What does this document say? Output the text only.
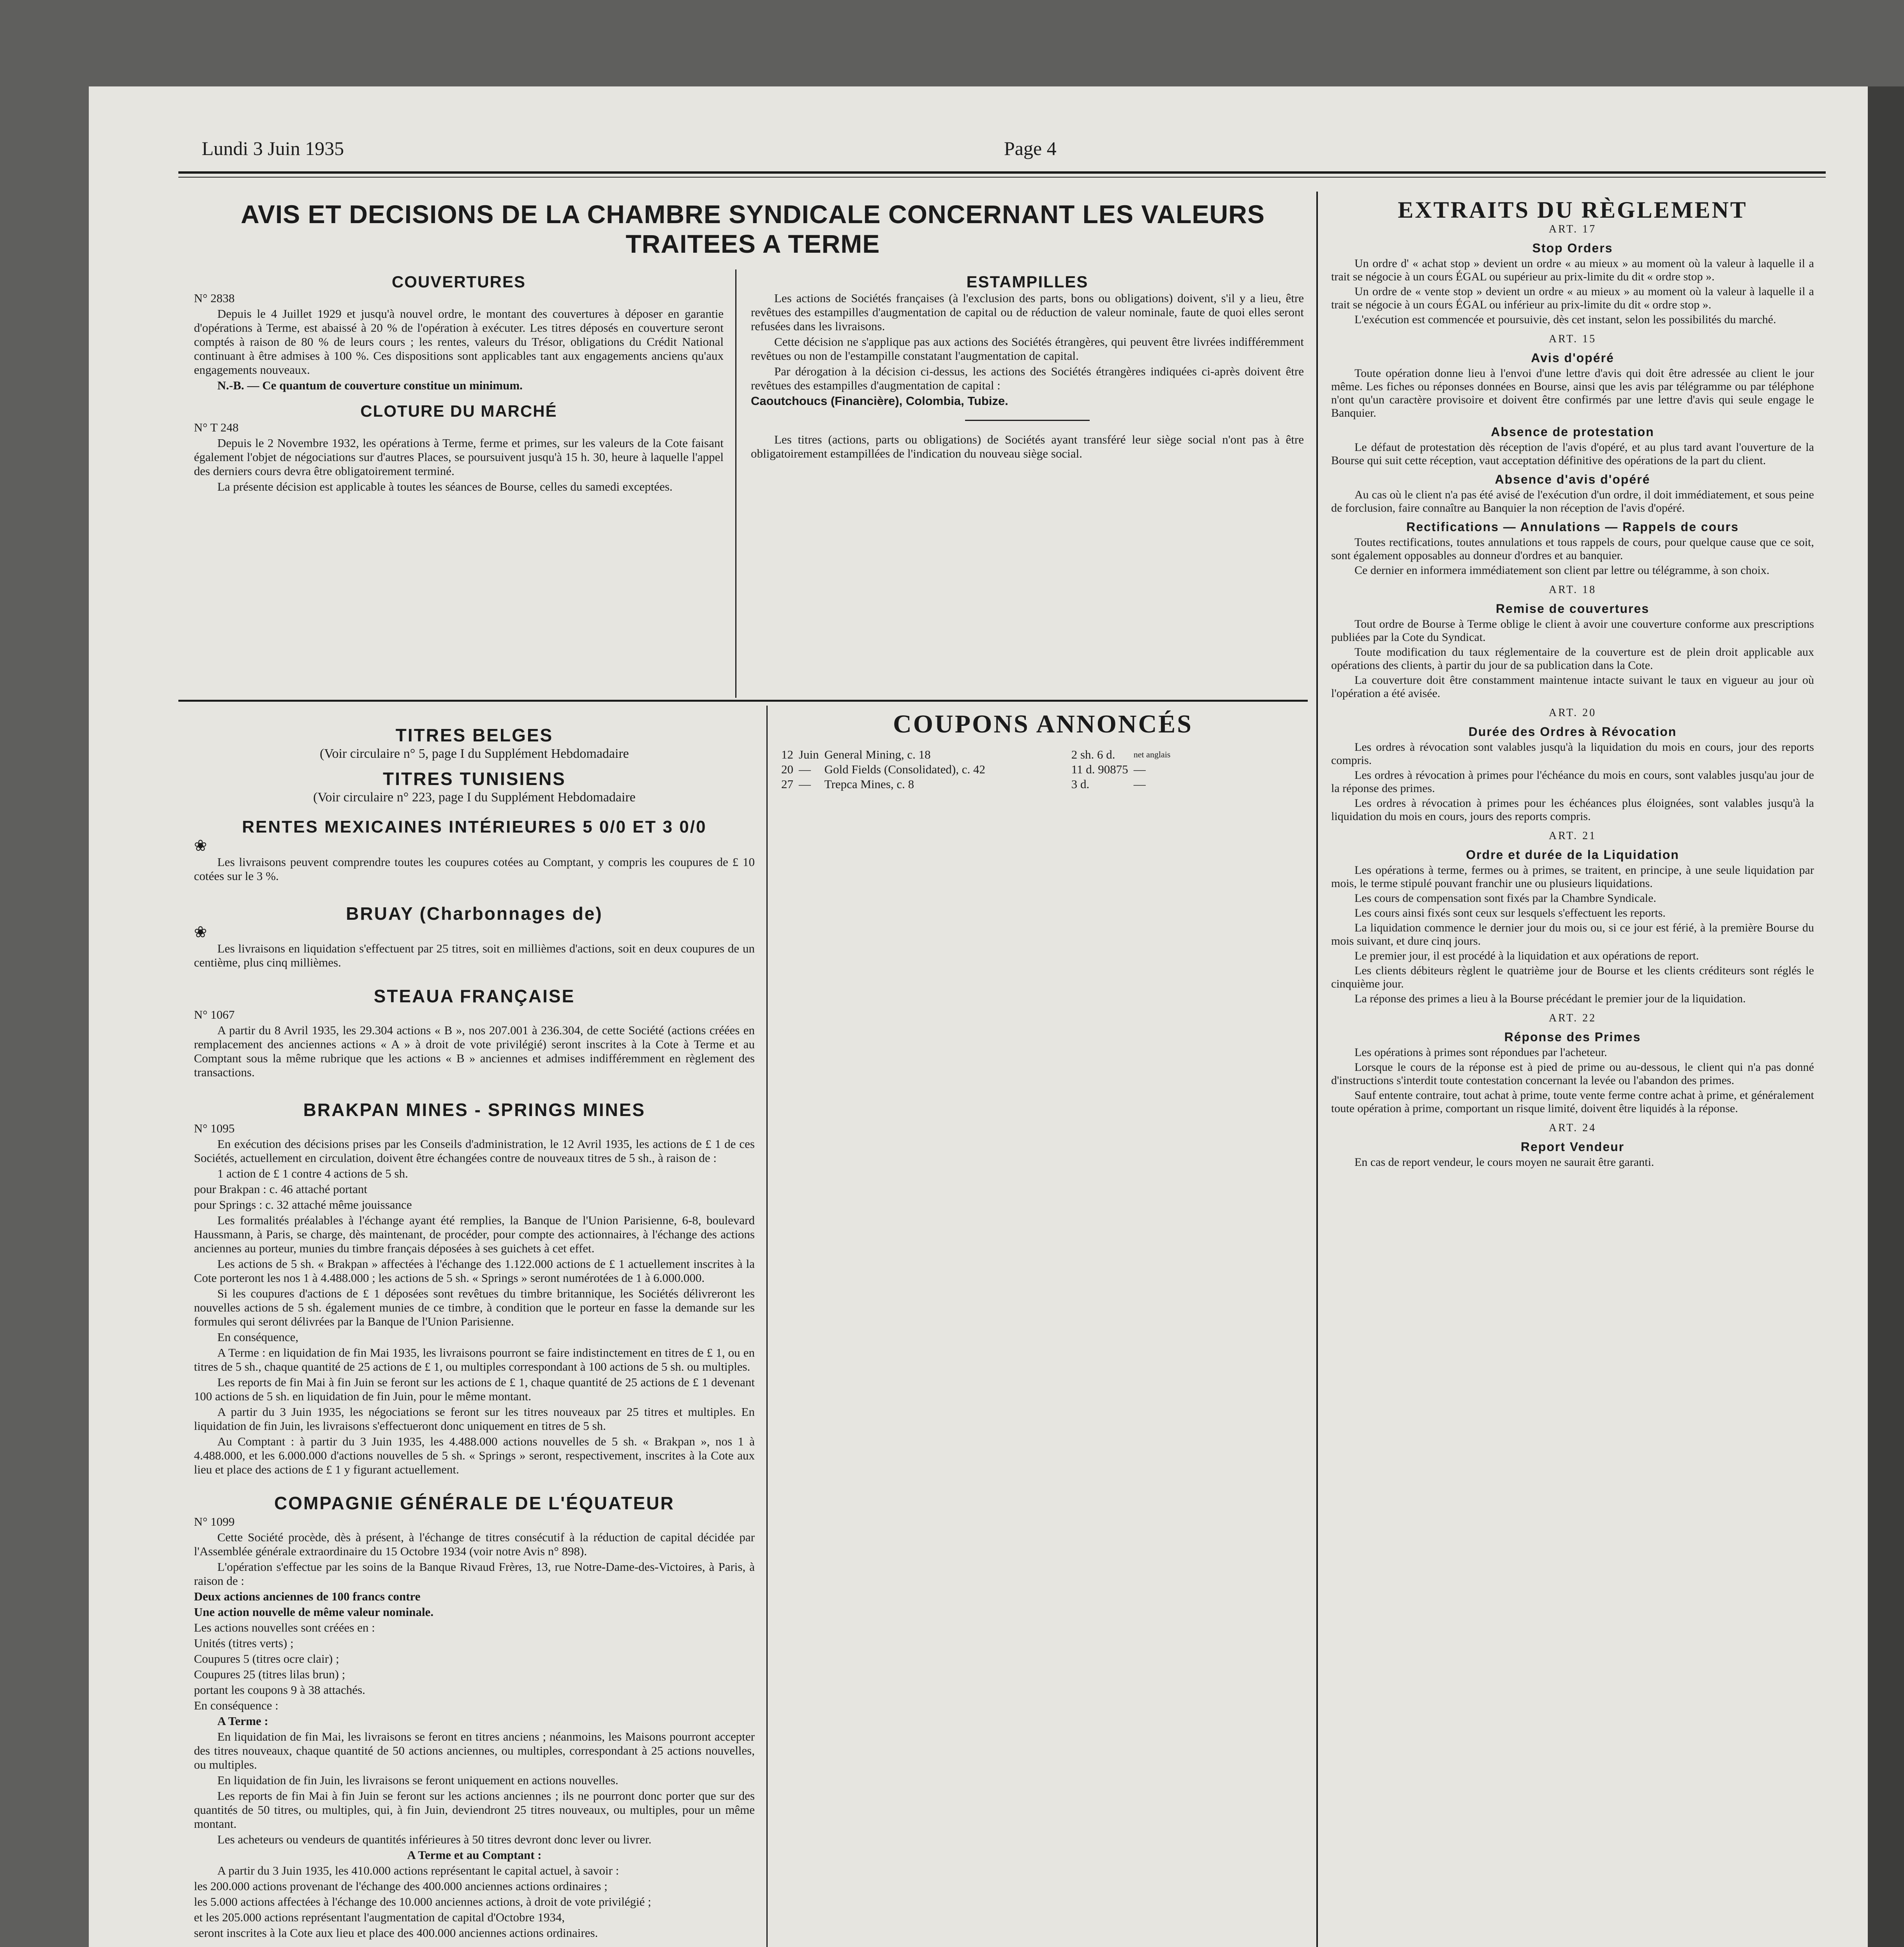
Lundi 3 Juin 1935	Page 4
AVIS ET DECISIONS DE LA CHAMBRE SYNDICALE CONCERNANT LES VALEURS TRAITEES A TERME
COUVERTURES

N° 2838

Depuis le 4 Juillet 1929 et jusqu'à nouvel ordre, le montant des couvertures à déposer en garantie d'opérations à Terme, est abaissé à 20 % de l'opération à exécuter. Les titres déposés en couverture seront comptés à raison de 80 % de leurs cours ; les rentes, valeurs du Trésor, obligations du Crédit National continuant à être admises à 100 %. Ces dispositions sont applicables tant aux engagements anciens qu'aux engagements nouveaux.

N.-B. — Ce quantum de couverture constitue un minimum.

CLOTURE DU MARCHÉ

N° T 248

Depuis le 2 Novembre 1932, les opérations à Terme, ferme et primes, sur les valeurs de la Cote faisant également l'objet de négociations sur d'autres Places, se poursuivent jusqu'à 15 h. 30, heure à laquelle l'appel des derniers cours devra être obligatoirement terminé.

La présente décision est applicable à toutes les séances de Bourse, celles du samedi exceptées.

ESTAMPILLES

Les actions de Sociétés françaises (à l'exclusion des parts, bons ou obligations) doivent, s'il y a lieu, être revêtues des estampilles d'augmentation de capital ou de réduction de valeur nominale, faute de quoi elles seront refusées dans les livraisons.

Cette décision ne s'applique pas aux actions des Sociétés étrangères, qui peuvent être livrées indifféremment revêtues ou non de l'estampille constatant l'augmentation de capital.

Par dérogation à la décision ci-dessus, les actions des Sociétés étrangères indiquées ci-après doivent être revêtues des estampilles d'augmentation de capital :

Caoutchoucs (Financière), Colombia, Tubize.

Les titres (actions, parts ou obligations) de Sociétés ayant transféré leur siège social n'ont pas à être obligatoirement estampillées de l'indication du nouveau siège social.

TITRES BELGES
(Voir circulaire n° 5, page I du Supplément Hebdomadaire
TITRES TUNISIENS
(Voir circulaire n° 223, page I du Supplément Hebdomadaire
RENTES MEXICAINES INTÉRIEURES 5 0/0 ET 3 0/0
❀

Les livraisons peuvent comprendre toutes les coupures cotées au Comptant, y compris les coupures de £ 10 cotées sur le 3 %.

BRUAY (Charbonnages de)
❀

Les livraisons en liquidation s'effectuent par 25 titres, soit en millièmes d'actions, soit en deux coupures de un centième, plus cinq millièmes.

STEAUA FRANÇAISE

N° 1067

A partir du 8 Avril 1935, les 29.304 actions « B », nos 207.001 à 236.304, de cette Société (actions créées en remplacement des anciennes actions « A » à droit de vote privilégié) seront inscrites à la Cote à Terme et au Comptant sous la même rubrique que les actions « B » anciennes et admises indifféremment en règlement des transactions.

BRAKPAN MINES - SPRINGS MINES

N° 1095

En exécution des décisions prises par les Conseils d'administration, le 12 Avril 1935, les actions de £ 1 de ces Sociétés, actuellement en circulation, doivent être échangées contre de nouveaux titres de 5 sh., à raison de :

1 action de £ 1 contre 4 actions de 5 sh.

pour Brakpan : c. 46 attaché portant

pour Springs : c. 32 attaché même jouissance

Les formalités préalables à l'échange ayant été remplies, la Banque de l'Union Parisienne, 6-8, boulevard Haussmann, à Paris, se charge, dès maintenant, de procéder, pour compte des actionnaires, à l'échange des actions anciennes au porteur, munies du timbre français déposées à ses guichets à cet effet.

Les actions de 5 sh. « Brakpan » affectées à l'échange des 1.122.000 actions de £ 1 actuellement inscrites à la Cote porteront les nos 1 à 4.488.000 ; les actions de 5 sh. « Springs » seront numérotées de 1 à 6.000.000.

Si les coupures d'actions de £ 1 déposées sont revêtues du timbre britannique, les Sociétés délivreront les nouvelles actions de 5 sh. également munies de ce timbre, à condition que le porteur en fasse la demande sur les formules qui seront délivrées par la Banque de l'Union Parisienne.

En conséquence,

A Terme : en liquidation de fin Mai 1935, les livraisons pourront se faire indistinctement en titres de £ 1, ou en titres de 5 sh., chaque quantité de 25 actions de £ 1, ou multiples correspondant à 100 actions de 5 sh. ou multiples.

Les reports de fin Mai à fin Juin se feront sur les actions de £ 1, chaque quantité de 25 actions de £ 1 devenant 100 actions de 5 sh. en liquidation de fin Juin, pour le même montant.

A partir du 3 Juin 1935, les négociations se feront sur les titres nouveaux par 25 titres et multiples. En liquidation de fin Juin, les livraisons s'effectueront donc uniquement en titres de 5 sh.

Au Comptant : à partir du 3 Juin 1935, les 4.488.000 actions nouvelles de 5 sh. « Brakpan », nos 1 à 4.488.000, et les 6.000.000 d'actions nouvelles de 5 sh. « Springs » seront, respectivement, inscrites à la Cote aux lieu et place des actions de £ 1 y figurant actuellement.

COMPAGNIE GÉNÉRALE DE L'ÉQUATEUR

N° 1099

Cette Société procède, dès à présent, à l'échange de titres consécutif à la réduction de capital décidée par l'Assemblée générale extraordinaire du 15 Octobre 1934 (voir notre Avis n° 898).

L'opération s'effectue par les soins de la Banque Rivaud Frères, 13, rue Notre-Dame-des-Victoires, à Paris, à raison de :

Deux actions anciennes de 100 francs contre

Une action nouvelle de même valeur nominale.

Les actions nouvelles sont créées en :

Unités (titres verts) ;

Coupures 5 (titres ocre clair) ;

Coupures 25 (titres lilas brun) ;

portant les coupons 9 à 38 attachés.

En conséquence :

A Terme :

En liquidation de fin Mai, les livraisons se feront en titres anciens ; néanmoins, les Maisons pourront accepter des titres nouveaux, chaque quantité de 50 actions anciennes, ou multiples, correspondant à 25 actions nouvelles, ou multiples.

En liquidation de fin Juin, les livraisons se feront uniquement en actions nouvelles.

Les reports de fin Mai à fin Juin se feront sur les actions anciennes ; ils ne pourront donc porter que sur des quantités de 50 titres, ou multiples, qui, à fin Juin, deviendront 25 titres nouveaux, ou multiples, pour un même montant.

Les acheteurs ou vendeurs de quantités inférieures à 50 titres devront donc lever ou livrer.

A Terme et au Comptant :

A partir du 3 Juin 1935, les 410.000 actions représentant le capital actuel, à savoir :

les 200.000 actions provenant de l'échange des 400.000 anciennes actions ordinaires ;

les 5.000 actions affectées à l'échange des 10.000 anciennes actions, à droit de vote privilégié ;

et les 205.000 actions représentant l'augmentation de capital d'Octobre 1934,

seront inscrites à la Cote aux lieu et place des 400.000 anciennes actions ordinaires.

COUPONS ANNONCÉS
12	Juin	General Mining, c. 18	2 sh. 6 d.	net anglais
20	—	Gold Fields (Consolidated), c. 42	11 d. 90875	—
27	—	Trepca Mines, c. 8	3 d.	—
EXTRAITS DU RÈGLEMENT
ART. 17
Stop Orders

Un ordre d' « achat stop » devient un ordre « au mieux » au moment où la valeur à laquelle il a trait se négocie à un cours ÉGAL ou supérieur au prix-limite du dit « ordre stop ».

Un ordre de « vente stop » devient un ordre « au mieux » au moment où la valeur à laquelle il a trait se négocie à un cours ÉGAL ou inférieur au prix-limite du dit « ordre stop ».

L'exécution est commencée et poursuivie, dès cet instant, selon les possibilités du marché.

ART. 15
Avis d'opéré

Toute opération donne lieu à l'envoi d'une lettre d'avis qui doit être adressée au client le jour même. Les fiches ou réponses données en Bourse, ainsi que les avis par télégramme ou par téléphone n'ont qu'un caractère provisoire et doivent être confirmés par une lettre d'avis qui seule engage le Banquier.

Absence de protestation

Le défaut de protestation dès réception de l'avis d'opéré, et au plus tard avant l'ouverture de la Bourse qui suit cette réception, vaut acceptation définitive des opérations de la part du client.

Absence d'avis d'opéré

Au cas où le client n'a pas été avisé de l'exécution d'un ordre, il doit immédiatement, et sous peine de forclusion, faire connaître au Banquier la non réception de l'avis d'opéré.

Rectifications — Annulations — Rappels de cours

Toutes rectifications, toutes annulations et tous rappels de cours, pour quelque cause que ce soit, sont également opposables au donneur d'ordres et au banquier.

Ce dernier en informera immédiatement son client par lettre ou télégramme, à son choix.

ART. 18
Remise de couvertures

Tout ordre de Bourse à Terme oblige le client à avoir une couverture conforme aux prescriptions publiées par la Cote du Syndicat.

Toute modification du taux réglementaire de la couverture est de plein droit applicable aux opérations des clients, à partir du jour de sa publication dans la Cote.

La couverture doit être constamment maintenue intacte suivant le taux en vigueur au jour où l'opération a été avisée.

ART. 20
Durée des Ordres à Révocation

Les ordres à révocation sont valables jusqu'à la liquidation du mois en cours, jour des reports compris.

Les ordres à révocation à primes pour l'échéance du mois en cours, sont valables jusqu'au jour de la réponse des primes.

Les ordres à révocation à primes pour les échéances plus éloignées, sont valables jusqu'à la liquidation du mois en cours, jours des reports compris.

ART. 21
Ordre et durée de la Liquidation

Les opérations à terme, fermes ou à primes, se traitent, en principe, à une seule liquidation par mois, le terme stipulé pouvant franchir une ou plusieurs liquidations.

Les cours de compensation sont fixés par la Chambre Syndicale.

Les cours ainsi fixés sont ceux sur lesquels s'effectuent les reports.

La liquidation commence le dernier jour du mois ou, si ce jour est férié, à la première Bourse du mois suivant, et dure cinq jours.

Le premier jour, il est procédé à la liquidation et aux opérations de report.

Les clients débiteurs règlent le quatrième jour de Bourse et les clients créditeurs sont réglés le cinquième jour.

La réponse des primes a lieu à la Bourse précédant le premier jour de la liquidation.

ART. 22
Réponse des Primes

Les opérations à primes sont répondues par l'acheteur.

Lorsque le cours de la réponse est à pied de prime ou au-dessous, le client qui n'a pas donné d'instructions s'interdit toute contestation concernant la levée ou l'abandon des primes.

Sauf entente contraire, tout achat à prime, toute vente ferme contre achat à prime, et généralement toute opération à prime, comportant un risque limité, doivent être liquidés à la réponse.

ART. 24
Report Vendeur

En cas de report vendeur, le cours moyen ne saurait être garanti.
